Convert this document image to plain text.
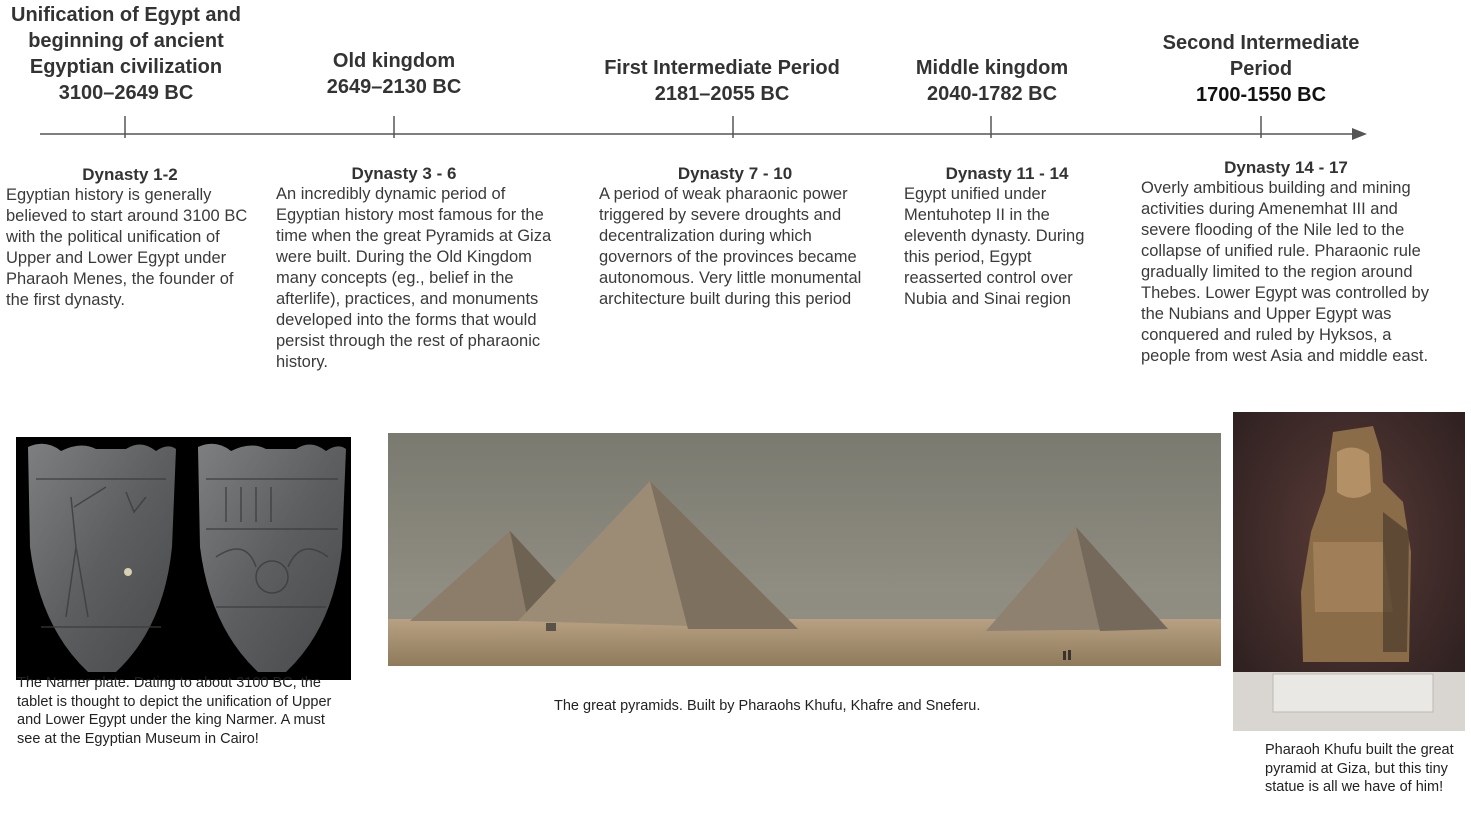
Unification of Egypt and
beginning of ancient
Egyptian civilization
3100–2649 BC
Old kingdom
2649–2130 BC
First Intermediate Period
2181–2055 BC
Middle kingdom
2040-1782 BC
Second Intermediate
Period
1700-1550 BC
Dynasty 1-2
Egyptian history is generally believed to start around 3100 BC with the political unification of Upper and Lower Egypt under Pharaoh Menes, the founder of the first dynasty.
Dynasty 3 - 6
An incredibly dynamic period of Egyptian history most famous for the time when the great Pyramids at Giza were built. During the Old Kingdom many concepts (eg., belief in the afterlife), practices, and monuments developed into the forms that would persist through the rest of pharaonic history.
Dynasty 7 - 10
A period of weak pharaonic power triggered by severe droughts and decentralization during which governors of the provinces became autonomous. Very little monumental architecture built during this period
Dynasty 11 - 14
Egypt unified under Mentuhotep II in the eleventh dynasty. During this period, Egypt reasserted control over Nubia and Sinai region
Dynasty 14 - 17
Overly ambitious building and mining activities during Amenemhat III and severe flooding of the Nile led to the collapse of unified rule. Pharaonic rule gradually limited to the region around Thebes. Lower Egypt was controlled by the Nubians and Upper Egypt was conquered and ruled by Hyksos, a people from west Asia and middle east.
The Narner plate. Dating to about 3100 BC, the tablet is thought to depict the unification of Upper and Lower Egypt under the king Narmer. A must see at the Egyptian Museum in Cairo!
The great pyramids. Built by Pharaohs Khufu, Khafre and Sneferu.
Pharaoh Khufu built the great pyramid at Giza, but this tiny statue is all we have of him!
